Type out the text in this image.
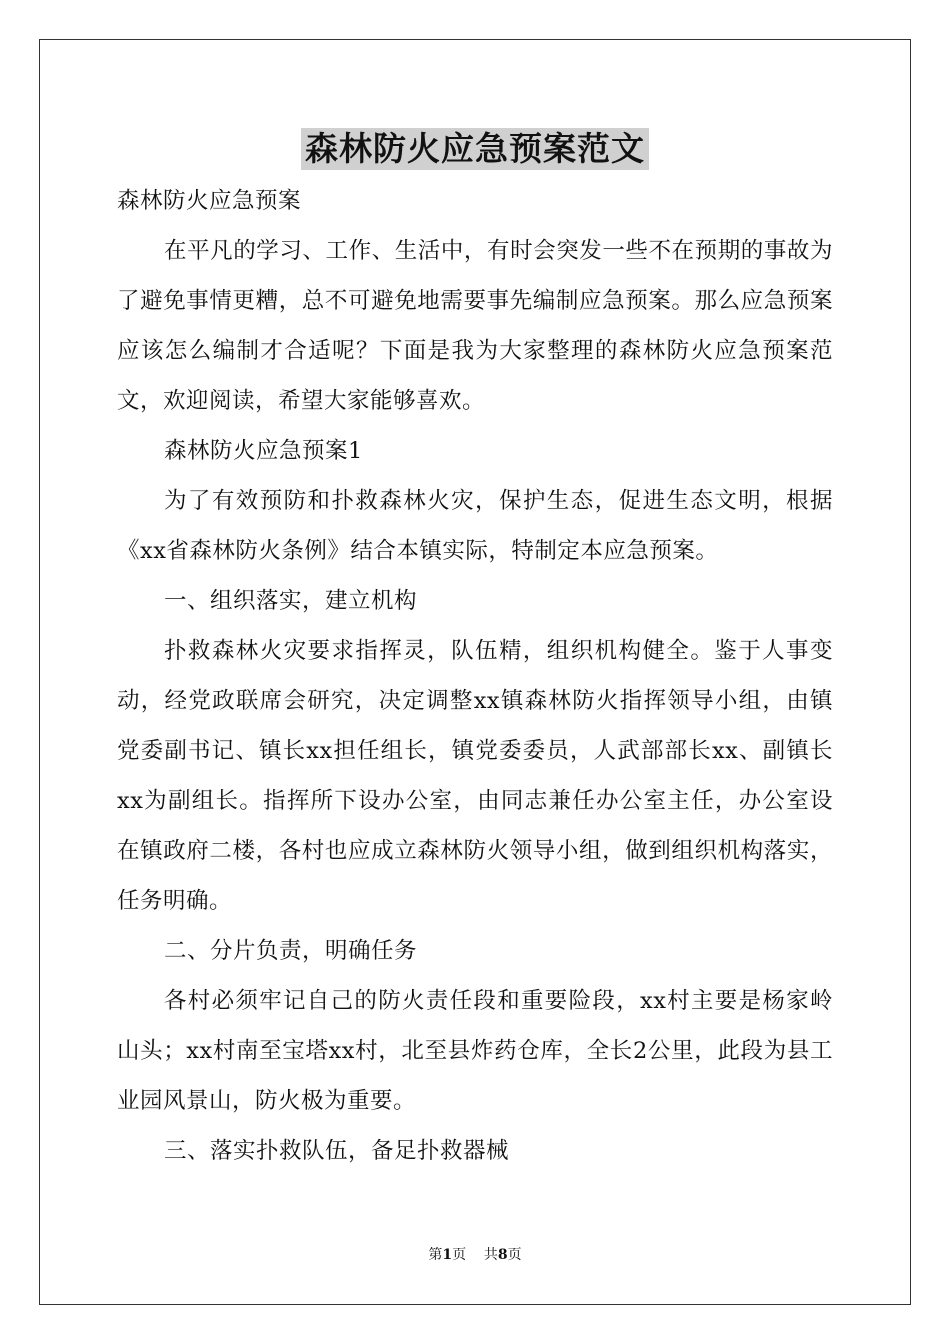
森林防火应急预案范文

森林防火应急预案

在平凡的学习、工作、生活中，有时会突发一些不在预期的事故为了避免事情更糟，总不可避免地需要事先编制应急预案。那么应急预案应该怎么编制才合适呢？下面是我为大家整理的森林防火应急预案范文，欢迎阅读，希望大家能够喜欢。

森林防火应急预案1

为了有效预防和扑救森林火灾，保护生态，促进生态文明，根据《xx省森林防火条例》结合本镇实际，特制定本应急预案。

一、组织落实，建立机构

扑救森林火灾要求指挥灵，队伍精，组织机构健全。鉴于人事变动，经党政联席会研究，决定调整xx镇森林防火指挥领导小组，由镇党委副书记、镇长xx担任组长，镇党委委员，人武部部长xx、副镇长xx为副组长。指挥所下设办公室，由同志兼任办公室主任，办公室设在镇政府二楼，各村也应成立森林防火领导小组，做到组织机构落实，任务明确。

二、分片负责，明确任务

各村必须牢记自己的防火责任段和重要险段，xx村主要是杨家岭山头；xx村南至宝塔xx村，北至县炸药仓库，全长2公里，此段为县工业园风景山，防火极为重要。

三、落实扑救队伍，备足扑救器械

第1页 共8页
